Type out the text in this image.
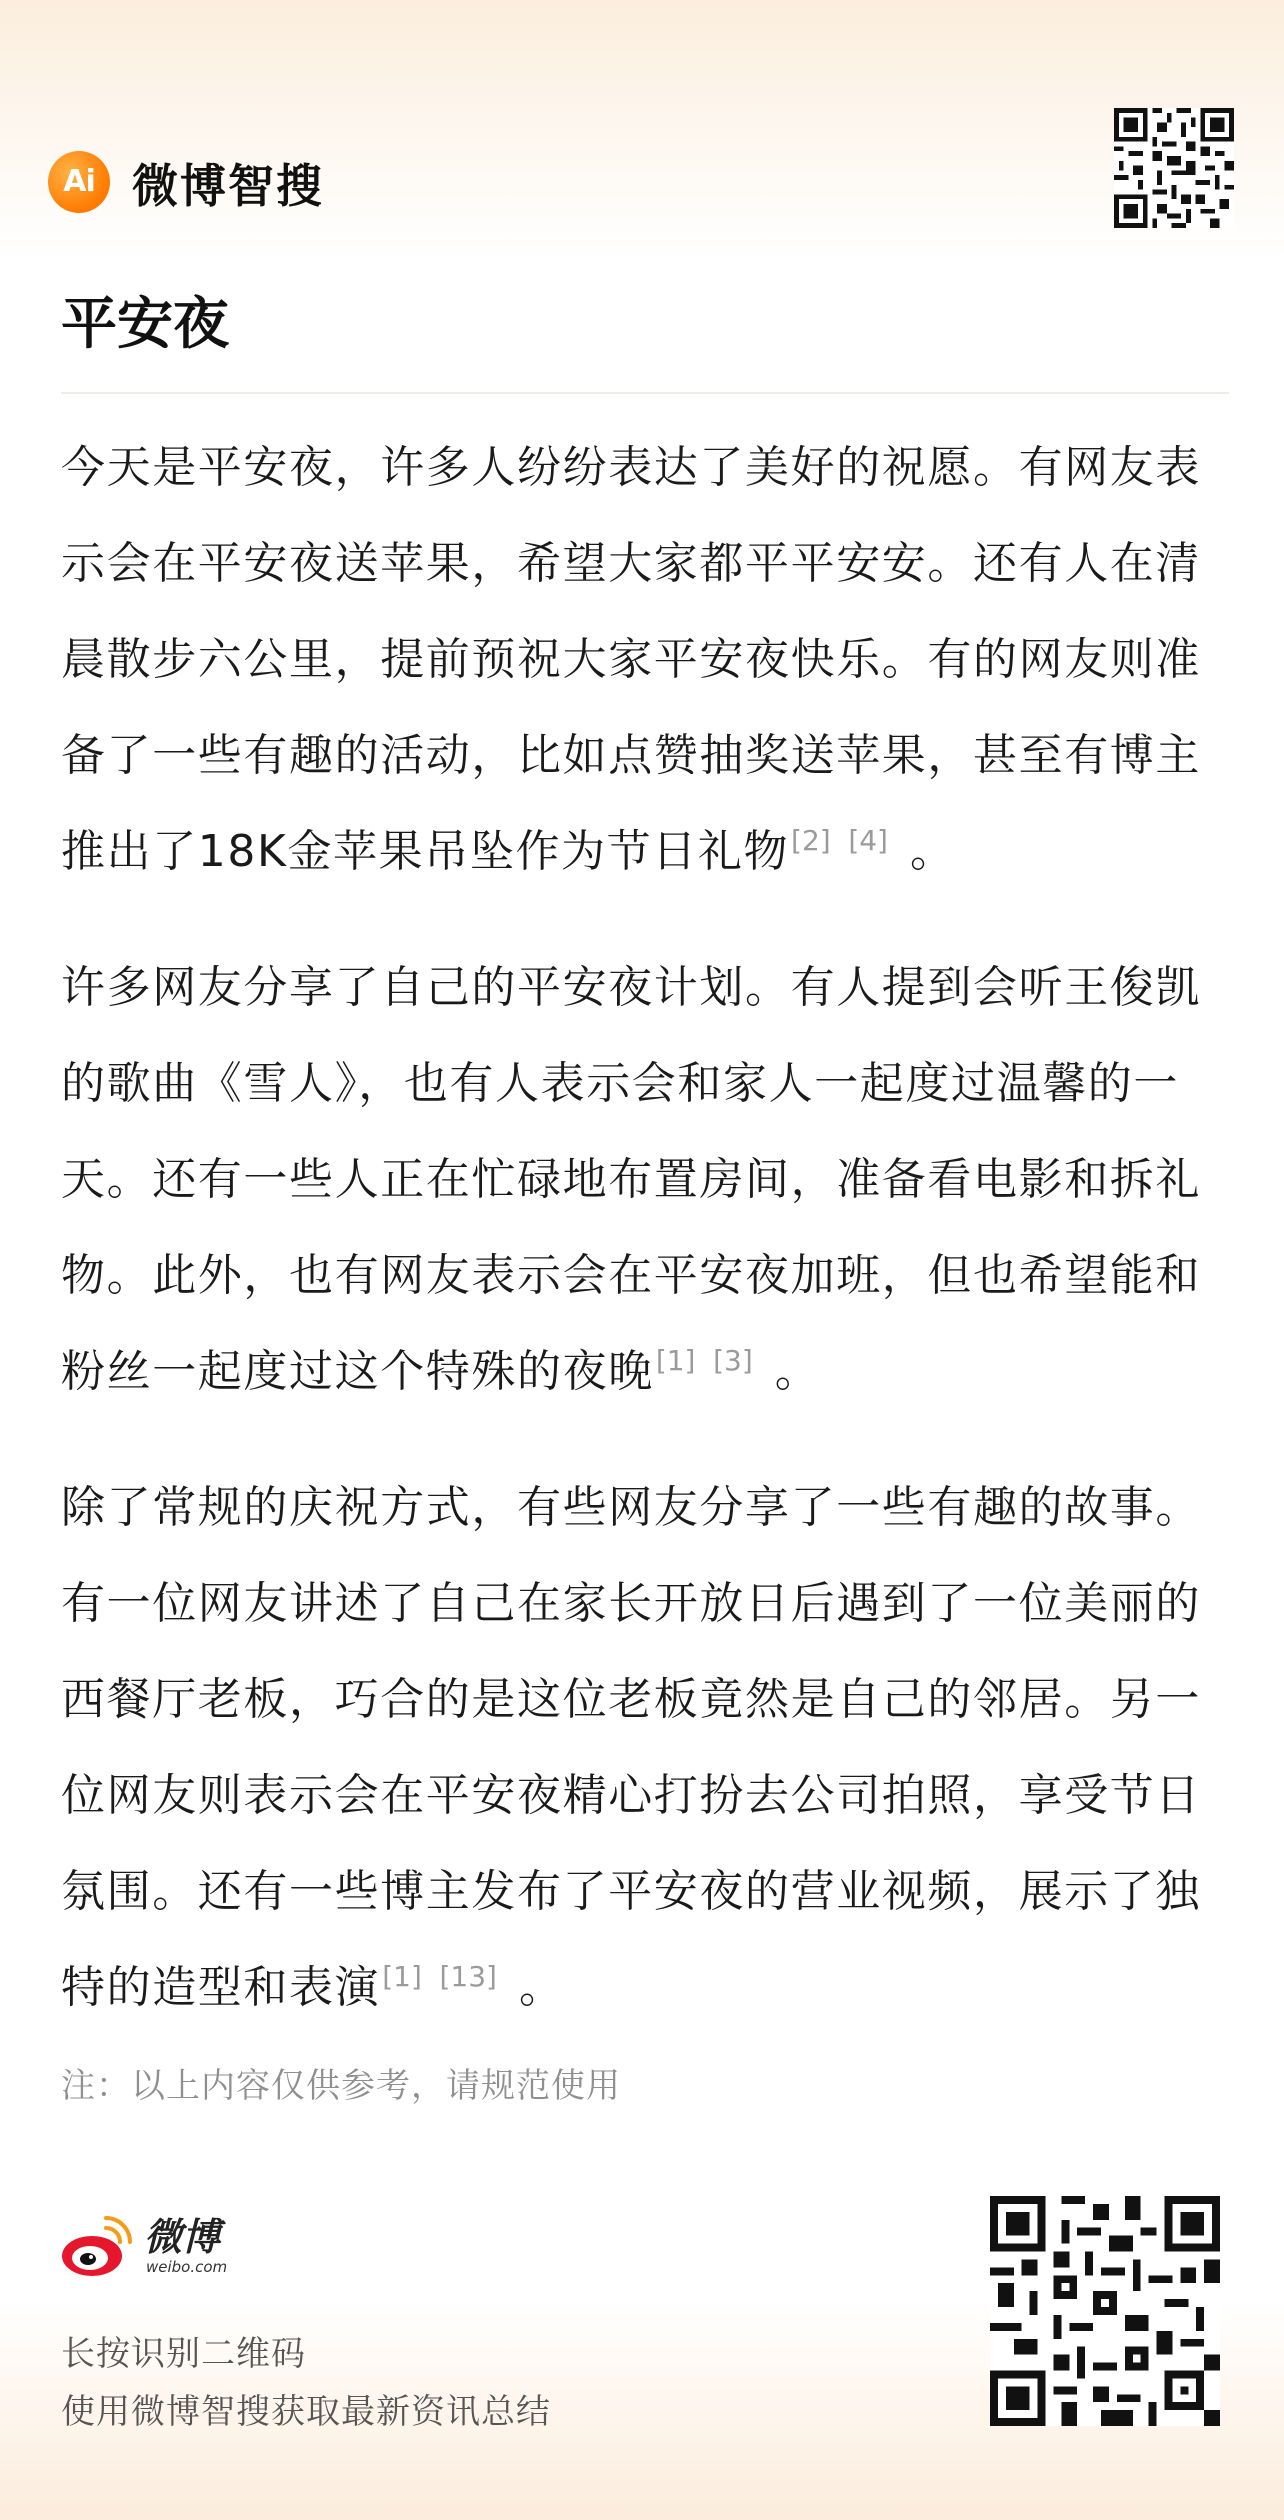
Ai 微博智搜
平安夜

今天是平安夜，许多人纷纷表达了美好的祝愿。有网友表示会在平安夜送苹果，希望大家都平平安安。还有人在清晨散步六公里，提前预祝大家平安夜快乐。有的网友则准备了一些有趣的活动，比如点赞抽奖送苹果，甚至有博主推出了18K金苹果吊坠作为节日礼物[2] [4] 。

许多网友分享了自己的平安夜计划。有人提到会听王俊凯的歌曲《雪人》，也有人表示会和家人一起度过温馨的一天。还有一些人正在忙碌地布置房间，准备看电影和拆礼物。此外，也有网友表示会在平安夜加班，但也希望能和粉丝一起度过这个特殊的夜晚[1] [3] 。

除了常规的庆祝方式，有些网友分享了一些有趣的故事。有一位网友讲述了自己在家长开放日后遇到了一位美丽的西餐厅老板，巧合的是这位老板竟然是自己的邻居。另一位网友则表示会在平安夜精心打扮去公司拍照，享受节日氛围。还有一些博主发布了平安夜的营业视频，展示了独特的造型和表演[1] [13] 。

注：以上内容仅供参考，请规范使用
微博
weibo.com
长按识别二维码
使用微博智搜获取最新资讯总结
